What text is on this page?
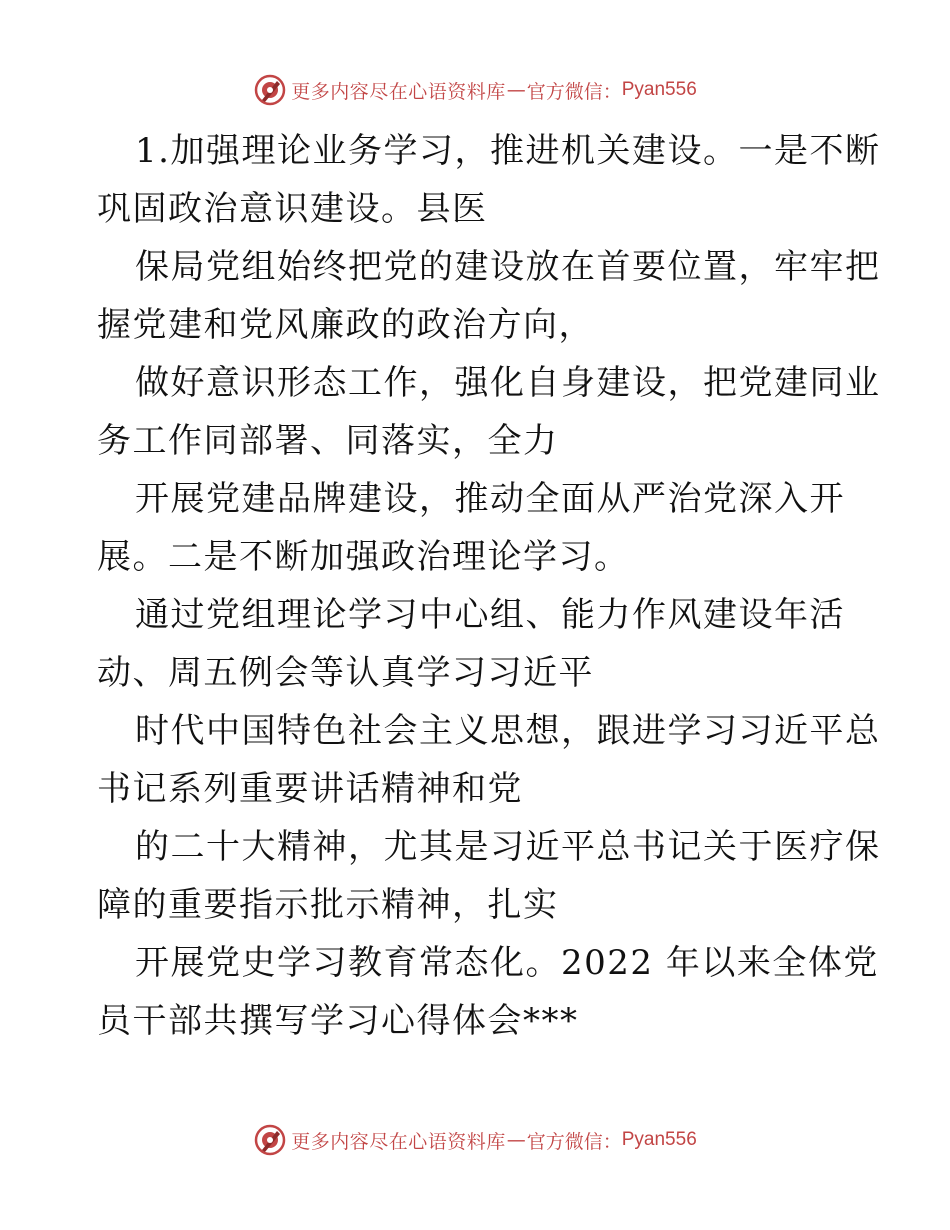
更多内容尽在心语资料库 — 官方微信： Pyan556
1.加强理论业务学习，推进机关建设。一是不断
巩固政治意识建设。县医
保局党组始终把党的建设放在首要位置，牢牢把
握党建和党风廉政的政治方向，
做好意识形态工作，强化自身建设，把党建同业
务工作同部署、同落实，全力
开展党建品牌建设，推动全面从严治党深入开
展。二是不断加强政治理论学习。
通过党组理论学习中心组、能力作风建设年活
动、周五例会等认真学习习近平
时代中国特色社会主义思想，跟进学习习近平总
书记系列重要讲话精神和党
的二十大精神，尤其是习近平总书记关于医疗保
障的重要指示批示精神，扎实
开展党史学习教育常态化。2022 年以来全体党
员干部共撰写学习心得体会***
更多内容尽在心语资料库 — 官方微信： Pyan556
